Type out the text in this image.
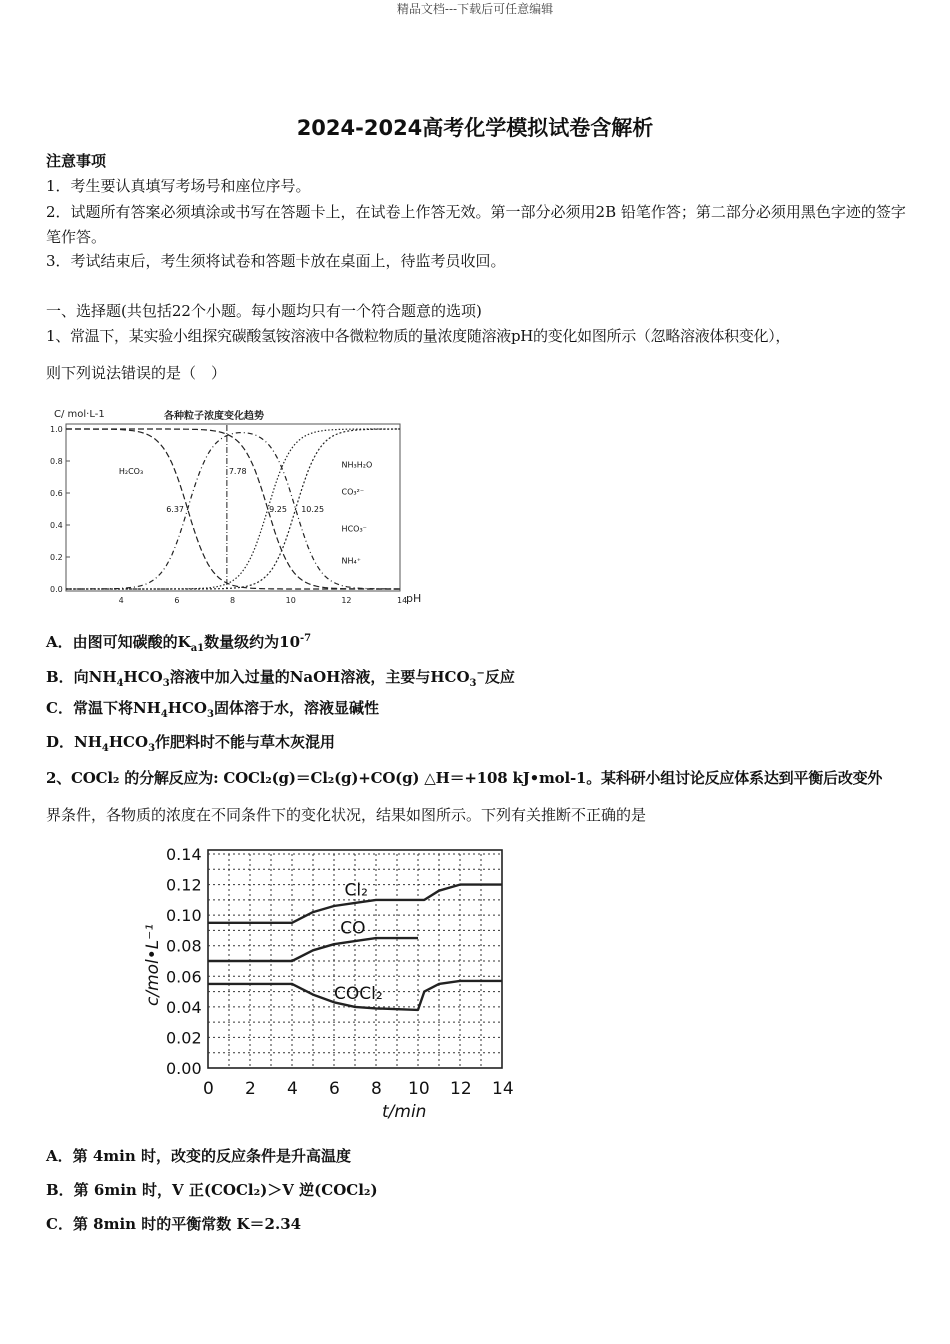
精品文档---下载后可任意编辑
2024-2024高考化学模拟试卷含解析
注意事项
1．考生要认真填写考场号和座位序号。
2．试题所有答案必须填涂或书写在答题卡上，在试卷上作答无效。第一部分必须用2B 铅笔作答；第二部分必须用黑色字迹的签字笔作答。
3．考试结束后，考生须将试卷和答题卡放在桌面上，待监考员收回。
一、选择题(共包括22个小题。每小题均只有一个符合题意的选项)
1、常温下，某实验小组探究碳酸氢铵溶液中各微粒物质的量浓度随溶液pH的变化如图所示（忽略溶液体积变化），
则下列说法错误的是（　）
C/ mol·L-1	各种粒子浓度变化趋势
0.0
0.2
0.4
0.6
0.8
1.0
4	6	8	10	12	14
pH
H₂CO₃
NH₃H₂O
CO₃²⁻
HCO₃⁻
NH₄⁺
6.37
7.78
9.25 10.25
A．由图可知碳酸的$K_{a1}$数量级约为$10^{-7}$
B．向$NH_4HCO_3$溶液中加入过量的NaOH溶液，主要与$HCO_3^-$反应
C．常温下将$NH_4HCO_3$固体溶于水，溶液显碱性
D．$NH_4HCO_3$作肥料时不能与草木灰混用
2、COCl₂ 的分解反应为: COCl₂(g)＝Cl₂(g)+CO(g) △H＝+108 kJ•mol-1。某科研小组讨论反应体系达到平衡后改变外
界条件，各物质的浓度在不同条件下的变化状况，结果如图所示。下列有关推断不正确的是
0.00
0.02
0.04
0.06
0.08
0.10
0.12
0.14
0 2 4 6 8 10 12 14
Cl₂
CO
COCl₂
t/min
c/mol•L⁻¹
A．第 4min 时，改变的反应条件是升高温度
B．第 6min 时，V 正(COCl₂)＞V 逆(COCl₂)
C．第 8min 时的平衡常数 K＝2.34
